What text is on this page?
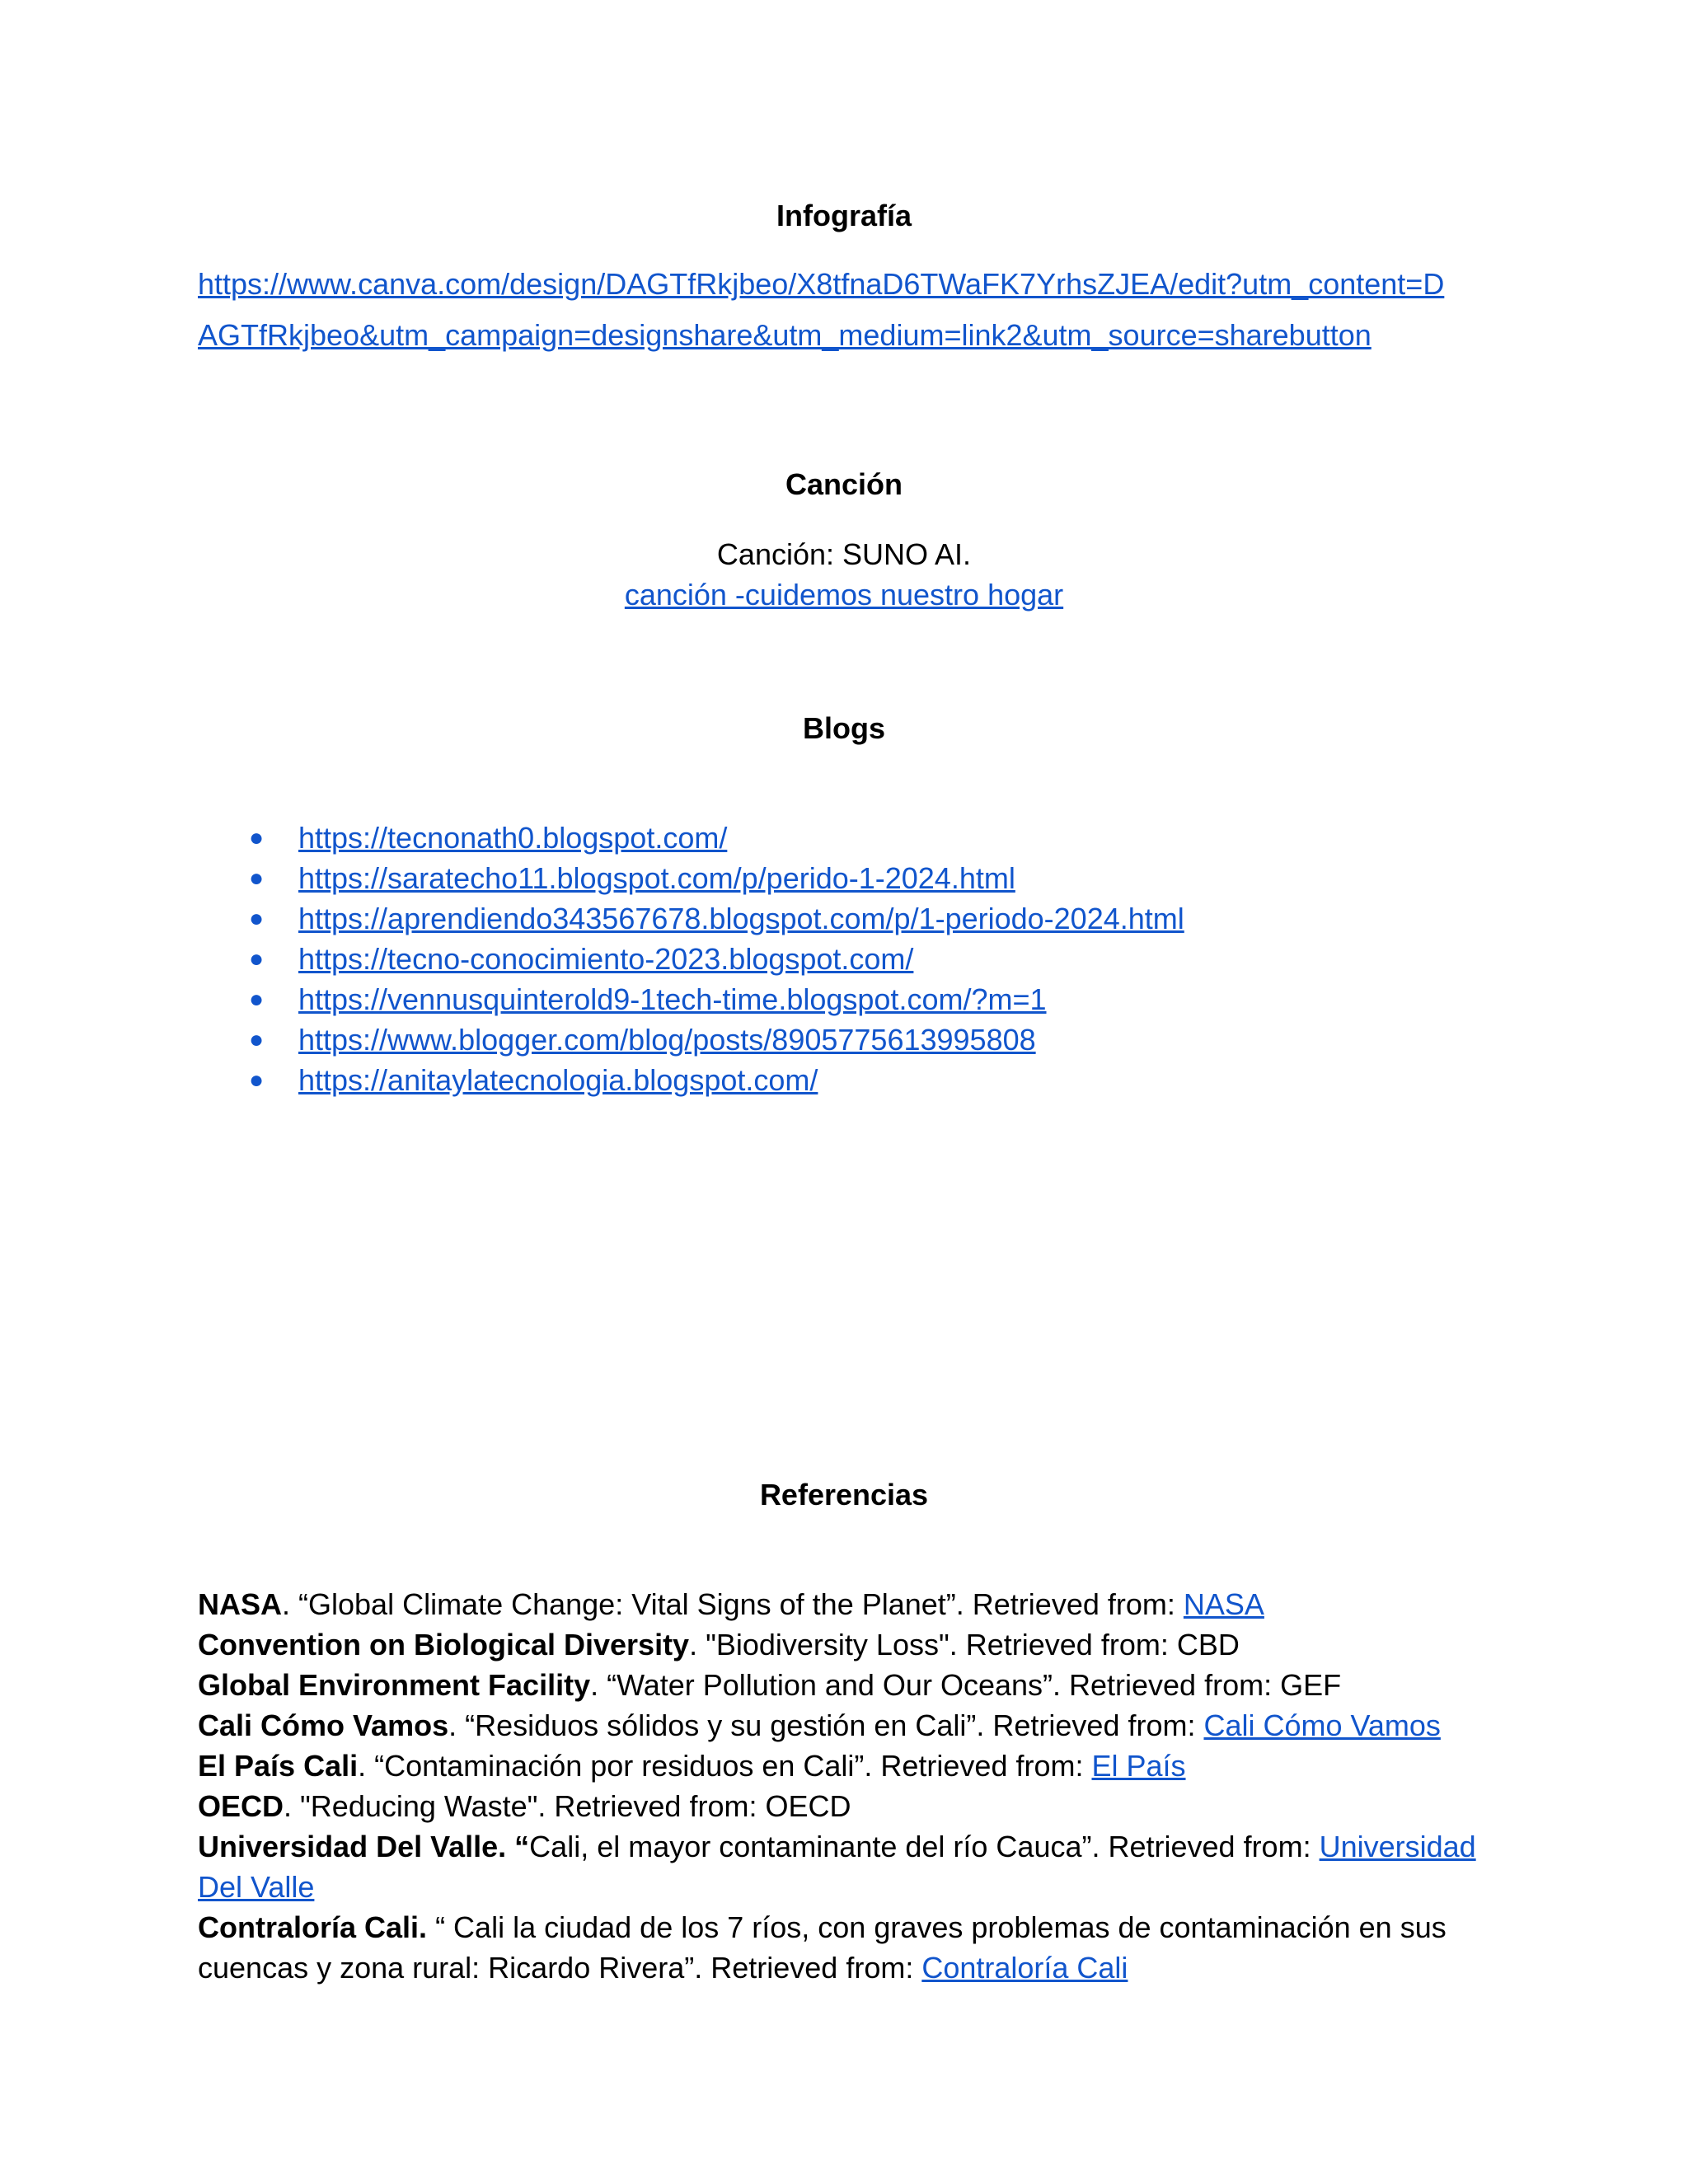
Infografía
https://www.canva.com/design/DAGTfRkjbeo/X8tfnaD6TWaFK7YrhsZJEA/edit?utm_content=D
AGTfRkjbeo&utm_campaign=designshare&utm_medium=link2&utm_source=sharebutton
Canción
Canción: SUNO AI.
canción -cuidemos nuestro hogar
Blogs
● https://tecnonath0.blogspot.com/
● https://saratecho11.blogspot.com/p/perido-1-2024.html
● https://aprendiendo343567678.blogspot.com/p/1-periodo-2024.html
● https://tecno-conocimiento-2023.blogspot.com/
● https://vennusquinterold9-1tech-time.blogspot.com/?m=1
● https://www.blogger.com/blog/posts/8905775613995808
● https://anitaylatecnologia.blogspot.com/
Referencias

NASA. “Global Climate Change: Vital Signs of the Planet”. Retrieved from: NASA

Convention on Biological Diversity. "Biodiversity Loss". Retrieved from: CBD

Global Environment Facility. “Water Pollution and Our Oceans”. Retrieved from: GEF

Cali Cómo Vamos. “Residuos sólidos y su gestión en Cali”. Retrieved from: Cali Cómo Vamos

El País Cali. “Contaminación por residuos en Cali”. Retrieved from: El País

OECD. "Reducing Waste". Retrieved from: OECD

Universidad Del Valle. “Cali, el mayor contaminante del río Cauca”. Retrieved from: Universidad Del Valle

Contraloría Cali. “ Cali la ciudad de los 7 ríos, con graves problemas de contaminación en sus cuencas y zona rural: Ricardo Rivera”. Retrieved from: Contraloría Cali
